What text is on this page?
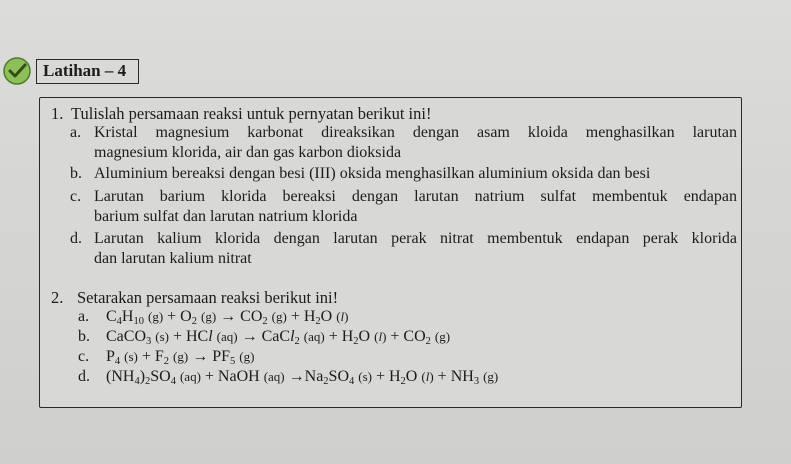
Latihan – 4
1. Tulislah persamaan reaksi untuk pernyatan berikut ini!
a. Kristal magnesium karbonat direaksikan dengan asam kloida menghasilkan larutan
magnesium klorida, air dan gas karbon dioksida
b. Aluminium bereaksi dengan besi (III) oksida menghasilkan aluminium oksida dan besi
c. Larutan barium klorida bereaksi dengan larutan natrium sulfat membentuk endapan
barium sulfat dan larutan natrium klorida
d. Larutan kalium klorida dengan larutan perak nitrat membentuk endapan perak klorida
dan larutan kalium nitrat
2. Setarakan persamaan reaksi berikut ini!
a. $C_4H_{10}$ $(g) + O_2$ $(g) \to CO_2$ $(g) + H_2O$ (l)
b. CaCO$_3$ (s) + HCl (aq) → CaCl$_2$ $(aq) + H_2O$ $(l) + CO_2$ (g)
c. $P_4$ $(s) + F_2$ $(g) \to PF_5$ (g)
d. $(NH_4)_2SO_4$ (aq) + NaOH $(aq) \to Na_2SO_4$ $(s) + H_2O$ $(l) + NH_3$ (g)
